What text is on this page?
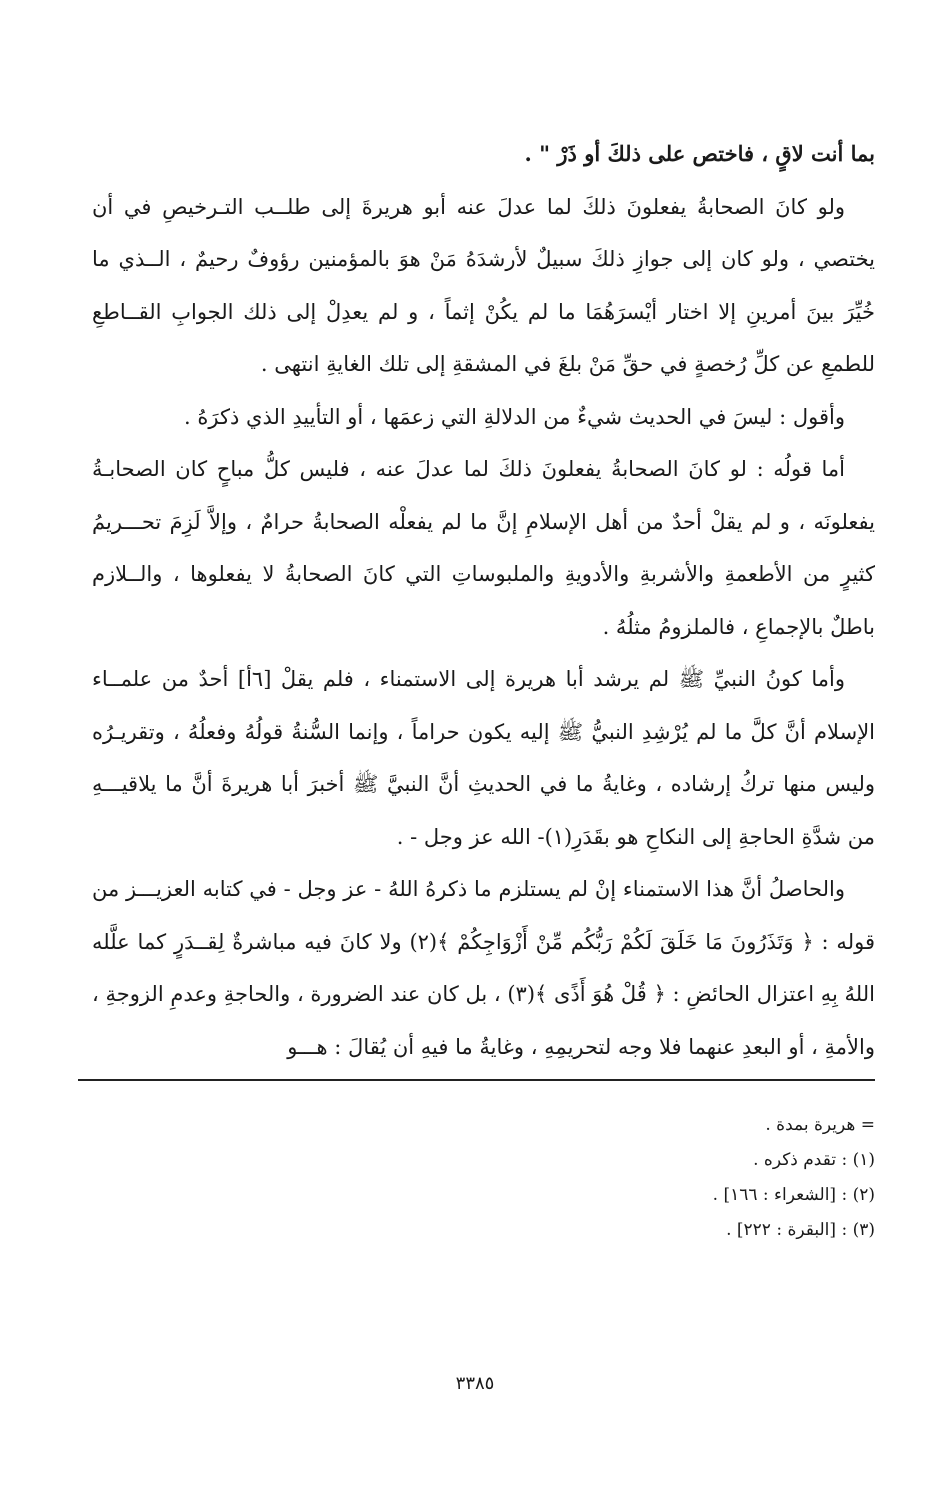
بما أنت لاقٍ ، فاختص على ذلكَ أو ذَرْ " .

ولو كانَ الصحابةُ يفعلونَ ذلكَ لما عدلَ عنه أبو هريرةَ إلى طلــب التـرخيصِ في أن يختصي ، ولو كان إلى جوازِ ذلكَ سبيلٌ لأرشدَهُ مَنْ هوَ بالمؤمنين رؤوفٌ رحيمٌ ، الــذي ما خُيِّرَ بينَ أمرينِ إلا اختار أيْسرَهُمَا ما لم يكُنْ إثماً ، و لم يعدِلْ إلى ذلك الجوابِ القــاطعِ للطمعِ عن كلِّ رُخصةٍ في حقِّ مَنْ بلغَ في المشقةِ إلى تلك الغايةِ انتهى .

وأقول : ليسَ في الحديث شيءٌ من الدلالةِ التي زعمَها ، أو التأييدِ الذي ذكرَهُ .

أما قولُه : لو كانَ الصحابةُ يفعلونَ ذلكَ لما عدلَ عنه ، فليس كلُّ مباحٍ كان الصحابـةُ يفعلونَه ، و لم يقلْ أحدٌ من أهل الإسلامِ إنَّ ما لم يفعلْه الصحابةُ حرامٌ ، وإلاَّ لَزِمَ تحـــريمُ كثيرٍ من الأطعمةِ والأشربةِ والأدويةِ والملبوساتِ التي كانَ الصحابةُ لا يفعلوها ، والــلازم باطلٌ بالإجماعِ ، فالملزومُ مثلُهُ .

وأما كونُ النبيِّ ﷺ لم يرشد أبا هريرة إلى الاستمناء ، فلم يقلْ [٦أ] أحدٌ من علمــاء الإسلام أنَّ كلَّ ما لم يُرْشِدِ النبيُّ ﷺ إليه يكون حراماً ، وإنما السُّنةُ قولُهُ وفعلُهُ ، وتقريـرُه وليس منها تركُ إرشاده ، وغايةُ ما في الحديثِ أنَّ النبيَّ ﷺ أخبرَ أبا هريرةَ أنَّ ما يلاقيـــهِ من شدَّةِ الحاجةِ إلى النكاحِ هو بقَدَرِ(١)- الله عز وجل - .

والحاصلُ أنَّ هذا الاستمناء إنْ لم يستلزم ما ذكرهُ اللهُ - عز وجل - في كتابه العزيـــز من قوله : ﴿ وَتَذَرُونَ مَا خَلَقَ لَكُمْ رَبُّكُم مِّنْ أَزْوَاجِكُمْ ﴾(٢) ولا كانَ فيه مباشرةٌ لِقــدَرٍ كما علَّله اللهُ بِهِ اعتزال الحائضِ : ﴿ قُلْ هُوَ أَذًى ﴾(٣) ، بل كان عند الضرورة ، والحاجةِ وعدمِ الزوجةِ ، والأمةِ ، أو البعدِ عنهما فلا وجه لتحريمِهِ ، وغايةُ ما فيهِ أن يُقالَ : هـــو

= هريرة بمدة .

(١) : تقدم ذكره .

(٢) : [الشعراء : ١٦٦] .

(٣) : [البقرة : ٢٢٢] .

٣٣٨٥
